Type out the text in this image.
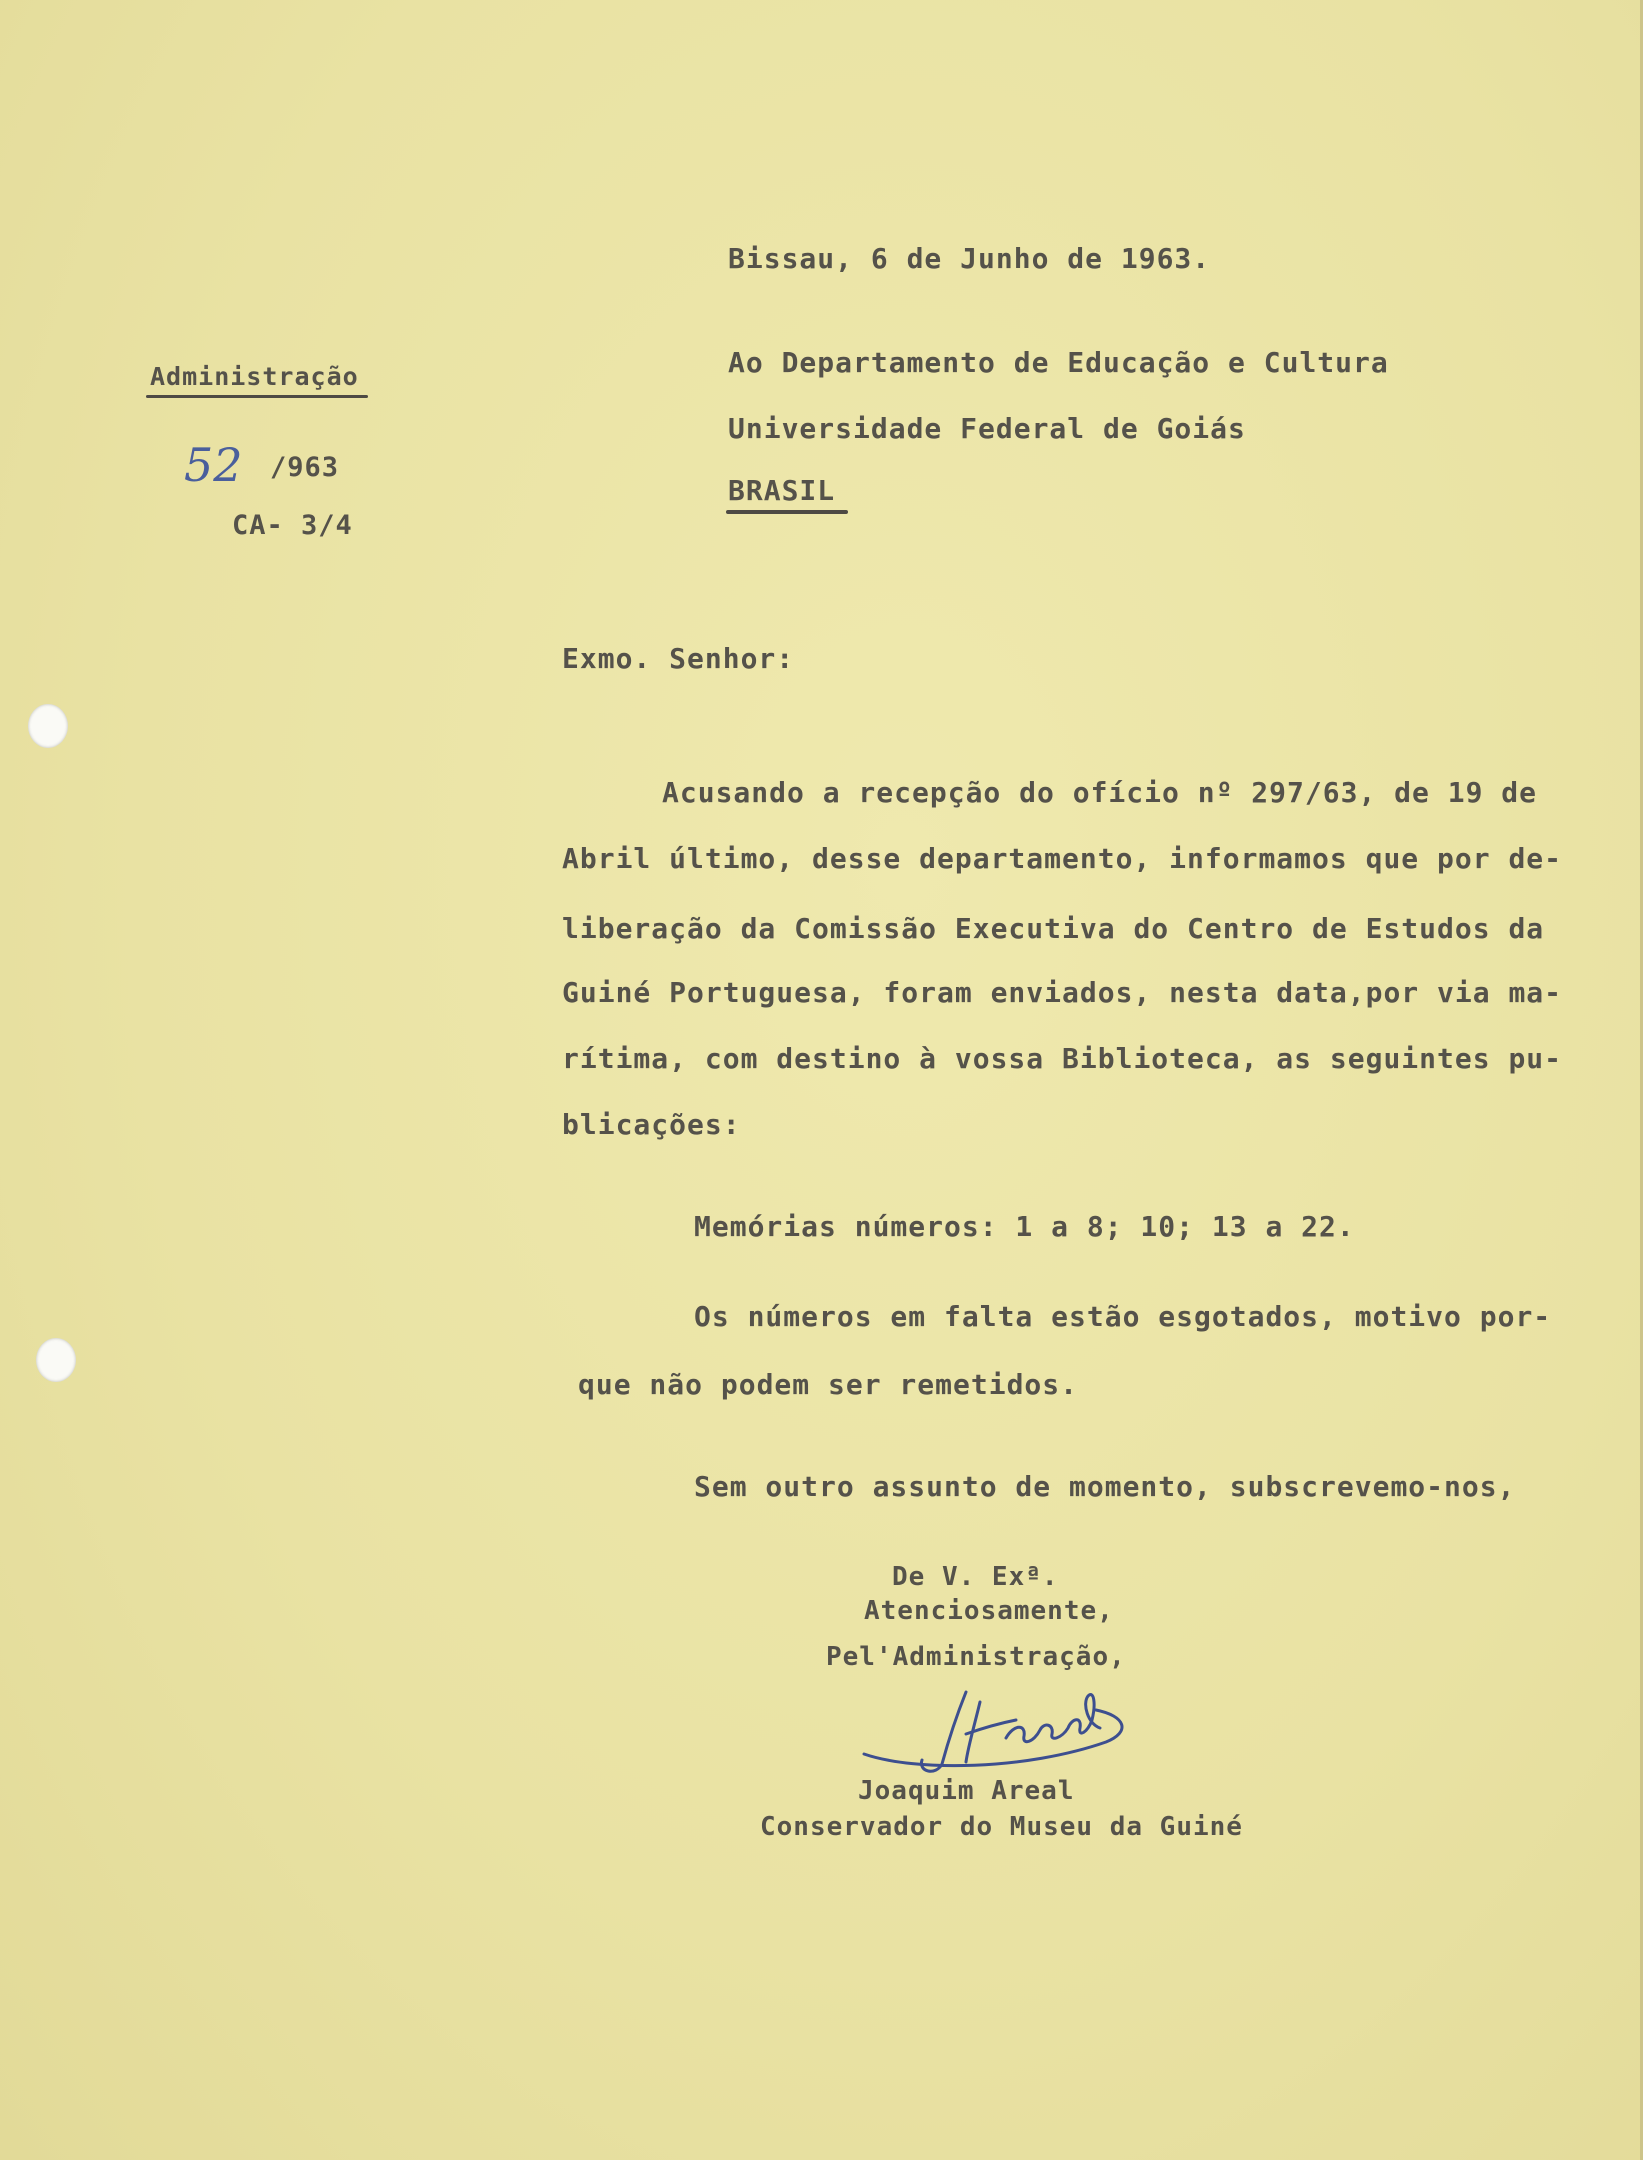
Bissau, 6 de Junho de 1963.
Ao Departamento de Educação e Cultura
Universidade Federal de Goiás
BRASIL
Administração
52 /963
CA- 3/4
Exmo. Senhor:
Acusando a recepção do ofício nº 297/63, de 19 de
Abril último, desse departamento, informamos que por de-
liberação da Comissão Executiva do Centro de Estudos da
Guiné Portuguesa, foram enviados, nesta data,por via ma-
rítima, com destino à vossa Biblioteca, as seguintes pu-
blicações:
Memórias números: 1 a 8; 10; 13 a 22.
Os números em falta estão esgotados, motivo por-
que não podem ser remetidos.
Sem outro assunto de momento, subscrevemo-nos,
De V. Exª.
Atenciosamente,
Pel'Administração,
Joaquim Areal
Conservador do Museu da Guiné
